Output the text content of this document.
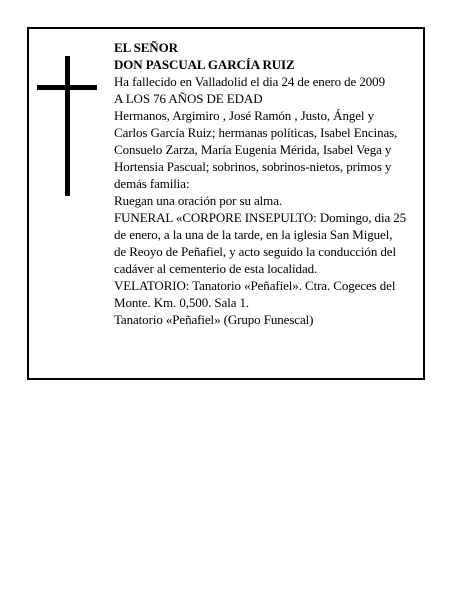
EL SEÑOR

DON PASCUAL GARCÍA RUIZ

Ha fallecido en Valladolid el dia 24 de enero de 2009

A LOS 76 AÑOS DE EDAD

Hermanos, Argimiro , José Ramón , Justo, Ángel y

Carlos García Ruiz; hermanas políticas, Isabel Encinas,

Consuelo Zarza, María Eugenia Mérida, Isabel Vega y

Hortensia Pascual; sobrinos, sobrinos-nietos, primos y

demás familia:

Ruegan una oración por su alma.

FUNERAL «CORPORE INSEPULTO: Domingo, dia 25

de enero, a la una de la tarde, en la iglesia San Miguel,

de Reoyo de Peñafiel, y acto seguido la conducción del

cadáver al cementerio de esta localidad.

VELATORIO: Tanatorio «Peñafiel». Ctra. Cogeces del

Monte. Km. 0,500. Sala 1.

Tanatorio «Peñafiel» (Grupo Funescal)
